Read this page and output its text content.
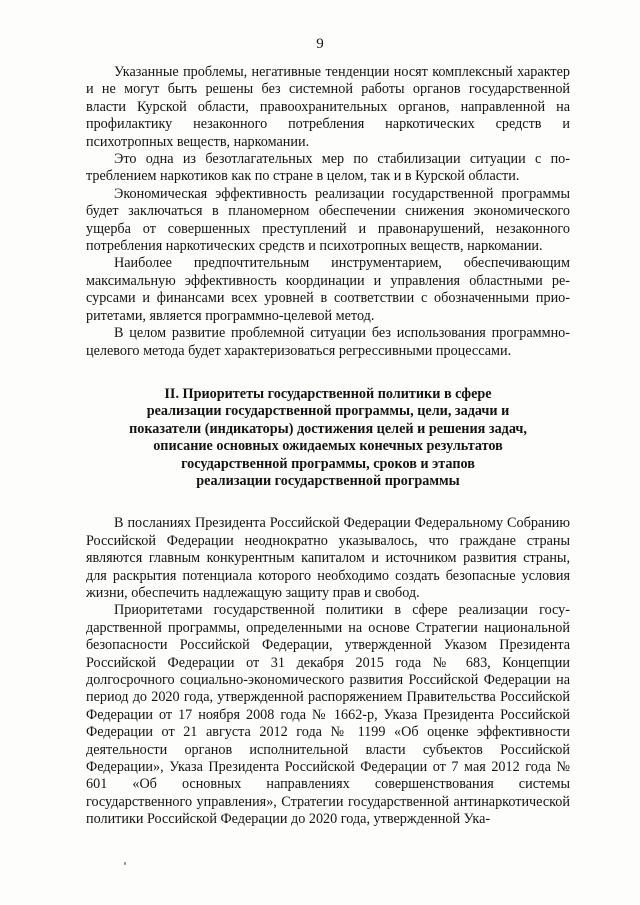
9

Указанные проблемы, негативные тенденции носят комплексный характер и не могут быть решены без системной работы органов государственной власти Курской области, правоохранительных органов, направленной на профилактику незаконного потребления наркотических средств и психотропных веществ, наркомании.

Это одна из безотлагательных мер по стабилизации ситуации с потреблением наркотиков как по стране в целом, так и в Курской области.

Экономическая эффективность реализации государственной программы будет заключаться в планомерном обеспечении снижения экономического ущерба от совершенных преступлений и правонарушений, незаконного потребления наркотических средств и психотропных веществ, наркомании.

Наиболее предпочтительным инструментарием, обеспечивающим максимальную эффективность координации и управления областными ресурсами и финансами всех уровней в соответствии с обозначенными приоритетами, является программно-целевой метод.

В целом развитие проблемной ситуации без использования программно-целевого метода будет характеризоваться регрессивными процессами.

II. Приоритеты государственной политики в сфере
реализации государственной программы, цели, задачи и
показатели (индикаторы) достижения целей и решения задач,
описание основных ожидаемых конечных результатов
государственной программы, сроков и этапов
реализации государственной программы

В посланиях Президента Российской Федерации Федеральному Собранию Российской Федерации неоднократно указывалось, что граждане страны являются главным конкурентным капиталом и источником развития страны, для раскрытия потенциала которого необходимо создать безопасные условия жизни, обеспечить надлежащую защиту прав и свобод.

Приоритетами государственной политики в сфере реализации государственной программы, определенными на основе Стратегии национальной безопасности Российской Федерации, утвержденной Указом Президента Российской Федерации от 31 декабря 2015 года № 683, Концепции долгосрочного социально-экономического развития Российской Федерации на период до 2020 года, утвержденной распоряжением Правительства Российской Федерации от 17 ноября 2008 года № 1662-р, Указа Президента Российской Федерации от 21 августа 2012 года № 1199 «Об оценке эффективности деятельности органов исполнительной власти субъектов Российской Федерации», Указа Президента Российской Федерации от 7 мая 2012 года № 601 «Об основных направлениях совершенствования системы государственного управления», Стратегии государственной антинаркотической политики Российской Федерации до 2020 года, утвержденной Ука-
